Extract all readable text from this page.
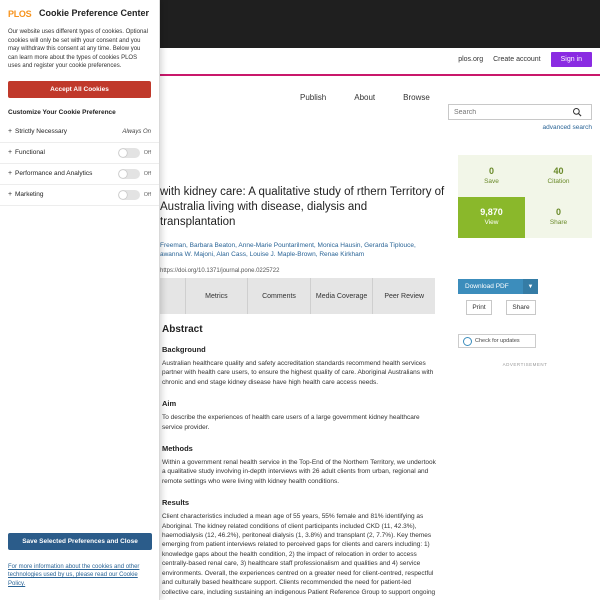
plos.org Create account	Sign in
Publish	About	Browse
Search
advanced search
with kidney care: A qualitative study of rthern Territory of Australia living with disease, dialysis and transplantation
Freeman, Barbara Beaton, Anne-Marie Pountarilment, Monica Hausin, Gerarda Tiplouce, awanna W. Majoni, Alan Cass, Louise J. Maple-Brown, Renae Kirkham
https://doi.org/10.1371/journal.pone.0225722
Metrics	Comments	Media Coverage	Peer Review
Abstract
Background

Australian healthcare quality and safety accreditation standards recommend health services partner with health care users, to ensure the highest quality of care. Aboriginal Australians with chronic and end stage kidney disease have high health care access needs.

Aim

To describe the experiences of health care users of a large government kidney healthcare service provider.

Methods

Within a government renal health service in the Top-End of the Northern Territory, we undertook a qualitative study involving in-depth interviews with 26 adult clients from urban, regional and remote settings who were living with kidney health conditions.

Results

Client characteristics included a mean age of 55 years, 55% female and 81% identifying as Aboriginal. The kidney related conditions of client participants included CKD (11, 42.3%), haemodialysis (12, 46.2%), peritoneal dialysis (1, 3.8%) and transplant (2, 7.7%). Key themes emerging from patient interviews related to perceived gaps for clients and carers including: 1) knowledge gaps about the health condition, 2) the impact of relocation in order to access centrally-based renal care, 3) healthcare staff professionalism and qualities and 4) service environments. Overall, the experiences centred on a greater need for client-centred, respectful and culturally based healthcare support. Clients recommended the need for patient-led collective care, including sustaining an indigenous Patient Reference Group to support ongoing

0
Save
40
Citation
9,870
View
0
Share
Download PDF	▼
Print	Share
Check for updates
ADVERTISEMENT
PLOS Cookie Preference Center
Our website uses different types of cookies. Optional cookies will only be set with your consent and you may withdraw this consent at any time. Below you can learn more about the types of cookies PLOS uses and register your cookie preferences.
Accept All Cookies
Customize Your Cookie Preference
+ Strictly Necessary	Always On
+ Functional	Off
+ Performance and Analytics	Off
+ Marketing	Off
Save Selected Preferences and Close
For more information about the cookies and other technologies used by us, please read our Cookie Policy.
